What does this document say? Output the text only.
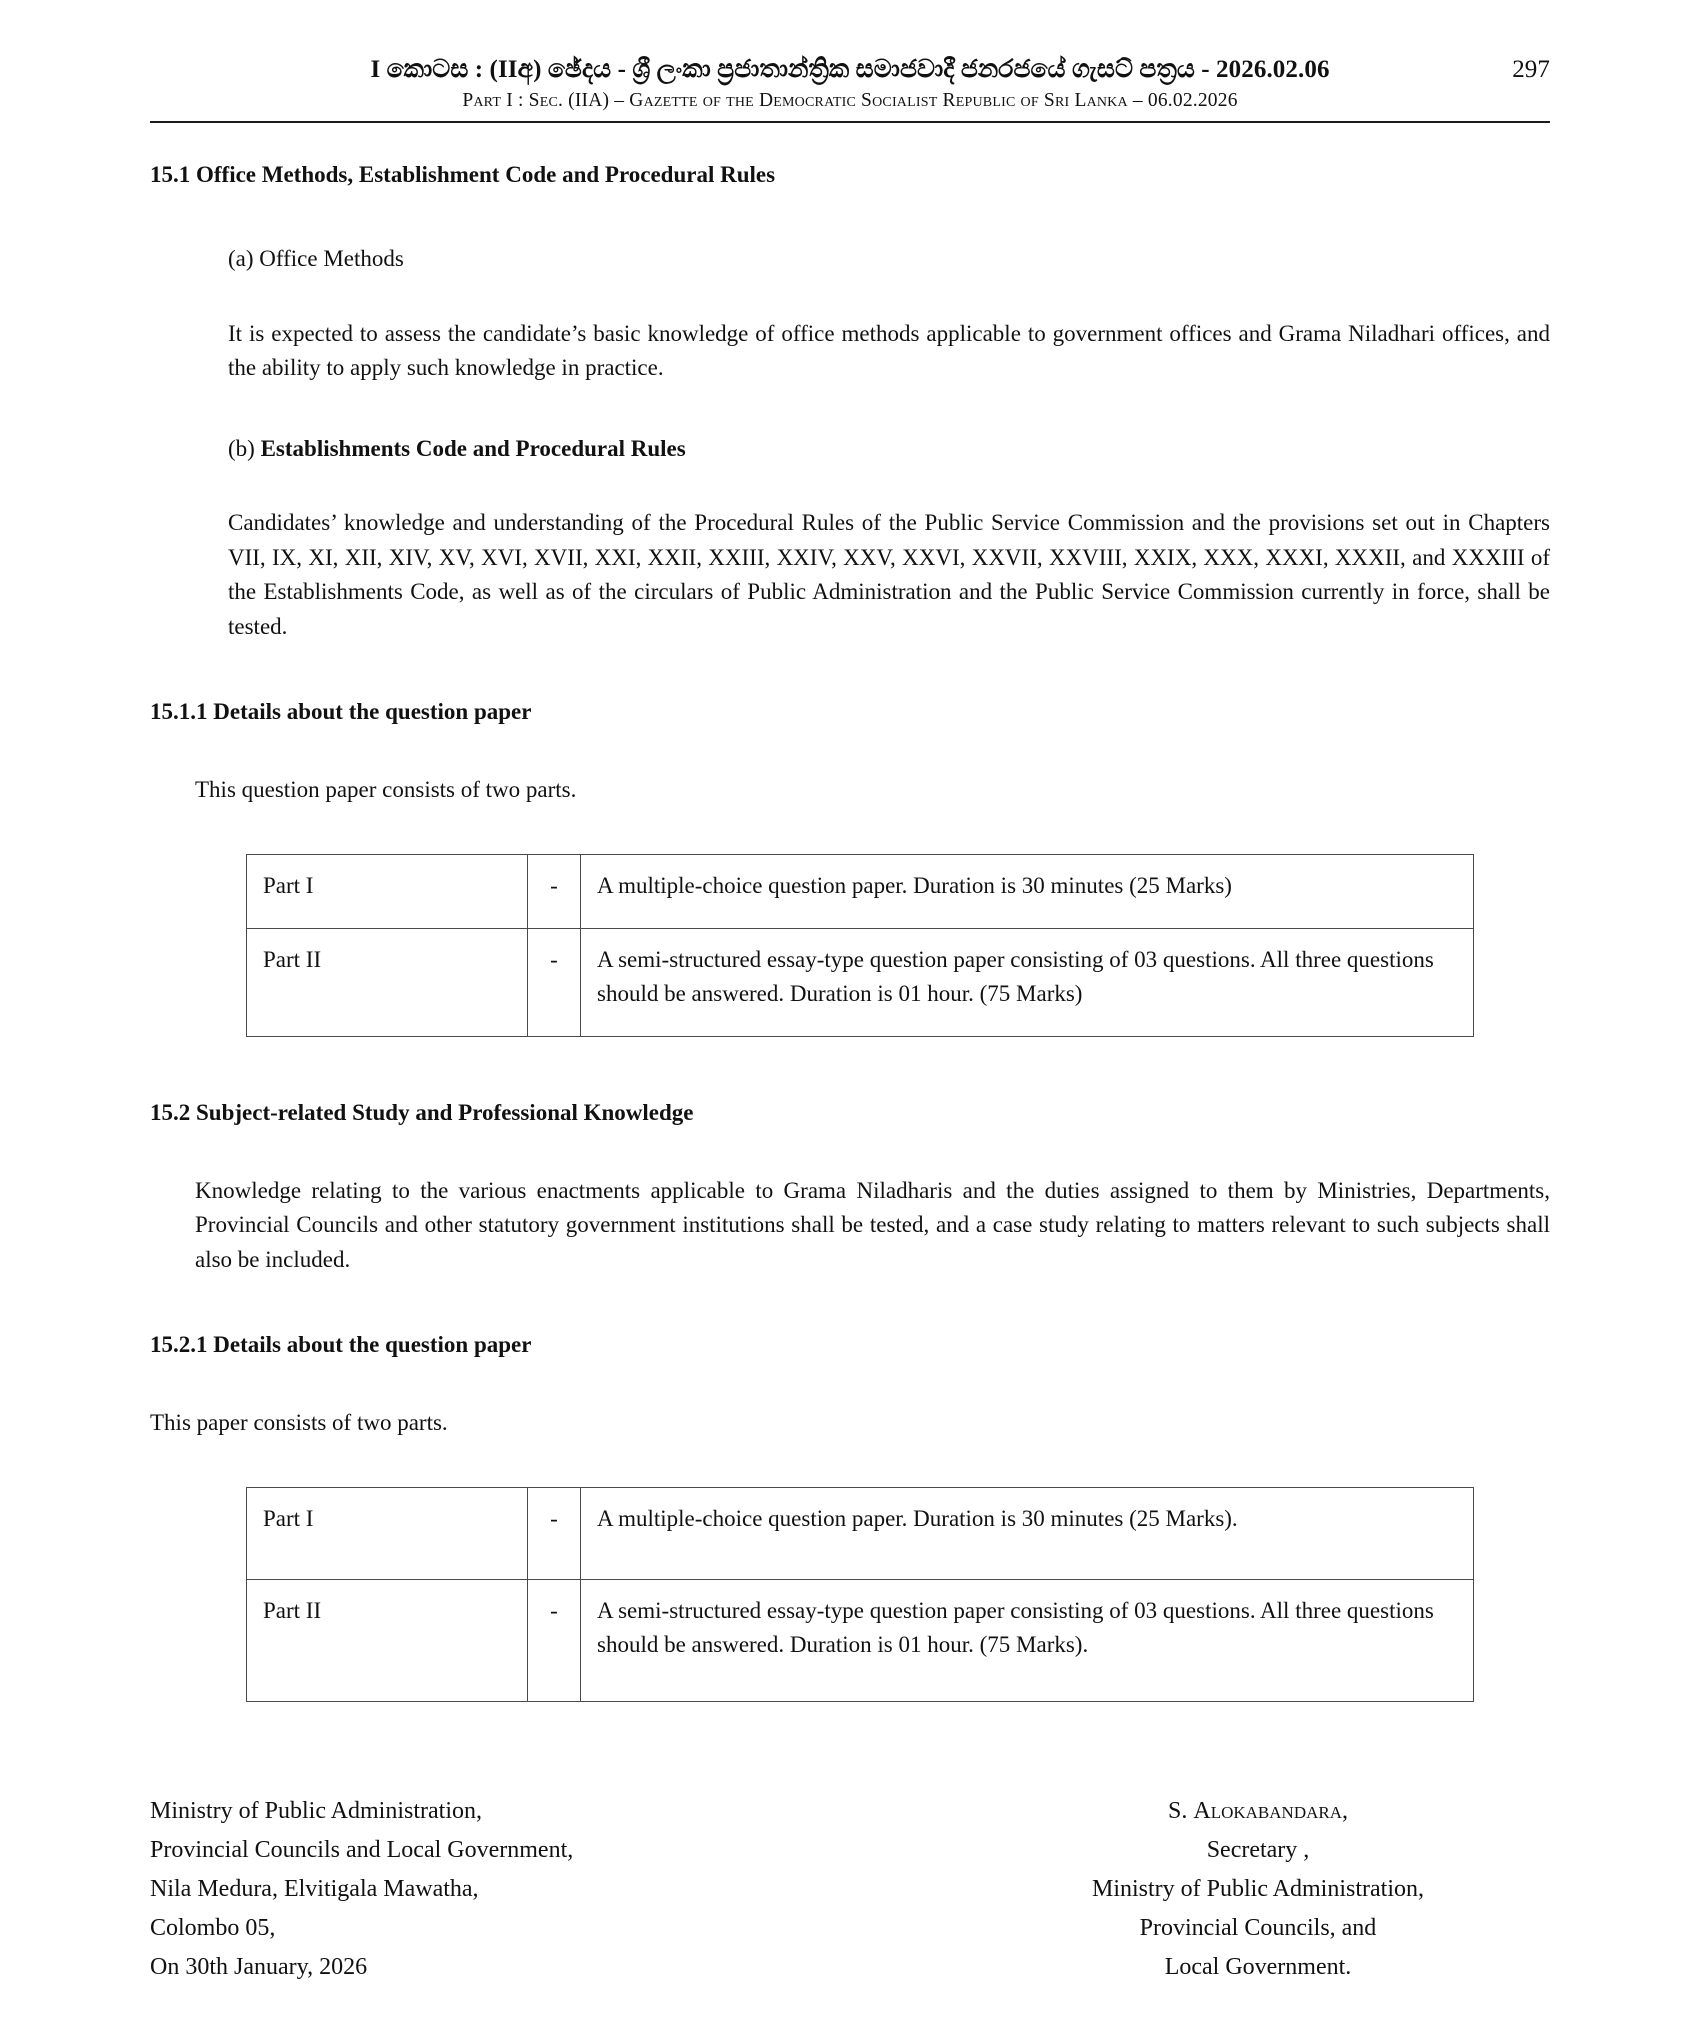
I කොටස : (IIඅ) ඡේදය - ශ්‍රී ලංකා ප්‍රජාතාන්ත්‍රික සමාජවාදී ජනරජයේ ගැසට් පත්‍රය - 2026.02.06	297
Part I : Sec. (IIA) – Gazette of the Democratic Socialist Republic of Sri Lanka – 06.02.2026

15.1 Office Methods, Establishment Code and Procedural Rules

(a) Office Methods

It is expected to assess the candidate’s basic knowledge of office methods applicable to government offices and Grama Niladhari offices, and the ability to apply such knowledge in practice.

(b) Establishments Code and Procedural Rules

Candidates’ knowledge and understanding of the Procedural Rules of the Public Service Commission and the provisions set out in Chapters VII, IX, XI, XII, XIV, XV, XVI, XVII, XXI, XXII, XXIII, XXIV, XXV, XXVI, XXVII, XXVIII, XXIX, XXX, XXXI, XXXII, and XXXIII of the Establishments Code, as well as of the circulars of Public Administration and the Public Service Commission currently in force, shall be tested.

15.1.1 Details about the question paper

This question paper consists of two parts.

Part I	-	A multiple-choice question paper. Duration is 30 minutes (25 Marks)
Part II	-	A semi-structured essay-type question paper consisting of 03 questions. All three questions should be answered. Duration is 01 hour. (75 Marks)

15.2 Subject-related Study and Professional Knowledge

Knowledge relating to the various enactments applicable to Grama Niladharis and the duties assigned to them by Ministries, Departments, Provincial Councils and other statutory government institutions shall be tested, and a case study relating to matters relevant to such subjects shall also be included.

15.2.1 Details about the question paper

This paper consists of two parts.

Part I	-	A multiple-choice question paper. Duration is 30 minutes (25 Marks).
Part II	-	A semi-structured essay-type question paper consisting of 03 questions. All three questions should be answered. Duration is 01 hour. (75 Marks).
Ministry of Public Administration,
Provincial Councils and Local Government,
Nila Medura, Elvitigala Mawatha,
Colombo 05,
On 30th January, 2026
S. Alokabandara,
Secretary ,
Ministry of Public Administration,
Provincial Councils, and
Local Government.
